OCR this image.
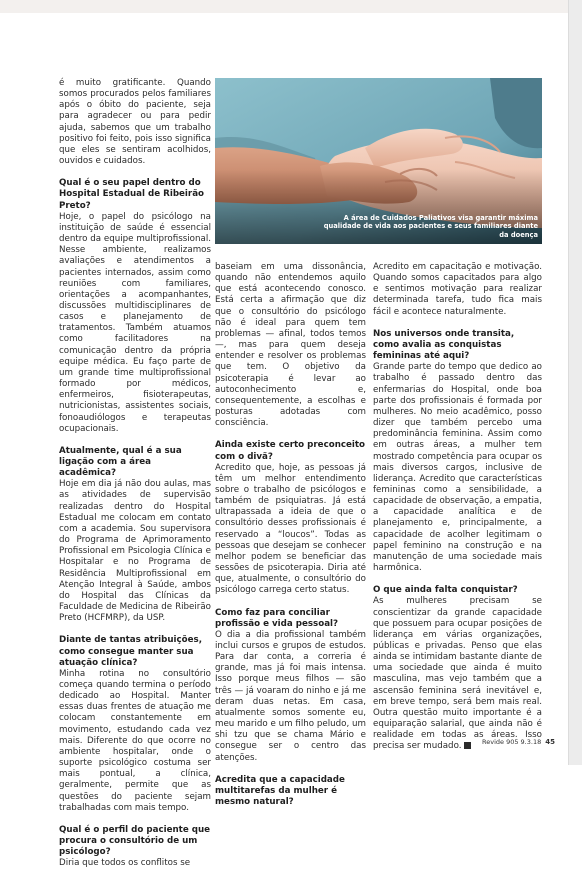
é muito gratificante. Quando somos procurados pelos familiares após o óbito do paciente, seja para agradecer ou para pedir ajuda, sabemos que um trabalho positivo foi feito, pois isso significa que eles se sentiram acolhidos, ouvidos e cuidados.

Qual é o seu papel dentro do Hospital Estadual de Ribeirão Preto?

Hoje, o papel do psicólogo na instituição de saúde é essencial dentro da equipe multiprofissional. Nesse ambiente, realizamos avaliações e atendimentos a pacientes internados, assim como reuniões com familiares, orientações a acompanhantes, discussões multidisciplinares de casos e planejamento de tratamentos. Também atuamos como facilitadores na comunicação dentro da própria equipe médica. Eu faço parte de um grande time multiprofissional formado por médicos, enfermeiros, fisioterapeutas, nutricionistas, assistentes sociais, fonoaudiólogos e terapeutas ocupacionais.

Atualmente, qual é a sua ligação com a área acadêmica?

Hoje em dia já não dou aulas, mas as atividades de supervisão realizadas dentro do Hospital Estadual me colocam em contato com a academia. Sou supervisora do Programa de Aprimoramento Profissional em Psicologia Clínica e Hospitalar e no Programa de Residência Multiprofissional em Atenção Integral à Saúde, ambos do Hospital das Clínicas da Faculdade de Medicina de Ribeirão Preto (HCFMRP), da USP.

Diante de tantas atribuições, como consegue manter sua atuação clínica?

Minha rotina no consultório começa quando termina o período dedicado ao Hospital. Manter essas duas frentes de atuação me colocam constantemente em movimento, estudando cada vez mais. Diferente do que ocorre no ambiente hospitalar, onde o suporte psicológico costuma ser mais pontual, a clínica, geralmente, permite que as questões do paciente sejam trabalhadas com mais tempo.

Qual é o perfil do paciente que procura o consultório de um psicólogo?

Diria que todos os conflitos se

A área de Cuidados Paliativos visa garantir máxima qualidade de vida aos pacientes e seus familiares diante da doença

baseiam em uma dissonância, quando não entendemos aquilo que está acontecendo conosco. Está certa a afirmação que diz que o consultório do psicólogo não é ideal para quem tem problemas — afinal, todos temos —, mas para quem deseja entender e resolver os problemas que tem. O objetivo da psicoterapia é levar ao autoconhecimento e, consequentemente, a escolhas e posturas adotadas com consciência.

Ainda existe certo preconceito com o divã?

Acredito que, hoje, as pessoas já têm um melhor entendimento sobre o trabalho de psicólogos e também de psiquiatras. Já está ultrapassada a ideia de que o consultório desses profissionais é reservado a “loucos”. Todas as pessoas que desejam se conhecer melhor podem se beneficiar das sessões de psicoterapia. Diria até que, atualmente, o consultório do psicólogo carrega certo status.

Como faz para conciliar profissão e vida pessoal?

O dia a dia profissional também inclui cursos e grupos de estudos. Para dar conta, a correria é grande, mas já foi mais intensa. Isso porque meus filhos — são três — já voaram do ninho e já me deram duas netas. Em casa, atualmente somos somente eu, meu marido e um filho peludo, um shi tzu que se chama Mário e consegue ser o centro das atenções.

Acredita que a capacidade multitarefas da mulher é mesmo natural?

Acredito em capacitação e motivação. Quando somos capacitados para algo e sentimos motivação para realizar determinada tarefa, tudo fica mais fácil e acontece naturalmente.

Nos universos onde transita, como avalia as conquistas femininas até aqui?

Grande parte do tempo que dedico ao trabalho é passado dentro das enfermarias do Hospital, onde boa parte dos profissionais é formada por mulheres. No meio acadêmico, posso dizer que também percebo uma predominância feminina. Assim como em outras áreas, a mulher tem mostrado competência para ocupar os mais diversos cargos, inclusive de liderança. Acredito que características femininas como a sensibilidade, a capacidade de observação, a empatia, a capacidade analítica e de planejamento e, principalmente, a capacidade de acolher legitimam o papel feminino na construção e na manutenção de uma sociedade mais harmônica.

O que ainda falta conquistar?

As mulheres precisam se conscientizar da grande capacidade que possuem para ocupar posições de liderança em várias organizações, públicas e privadas. Penso que elas ainda se intimidam bastante diante de uma sociedade que ainda é muito masculina, mas vejo também que a ascensão feminina será inevitável e, em breve tempo, será bem mais real. Outra questão muito importante é a equiparação salarial, que ainda não é realidade em todas as áreas. Isso precisa ser mudado.	Revide 905 9.3.18 45
